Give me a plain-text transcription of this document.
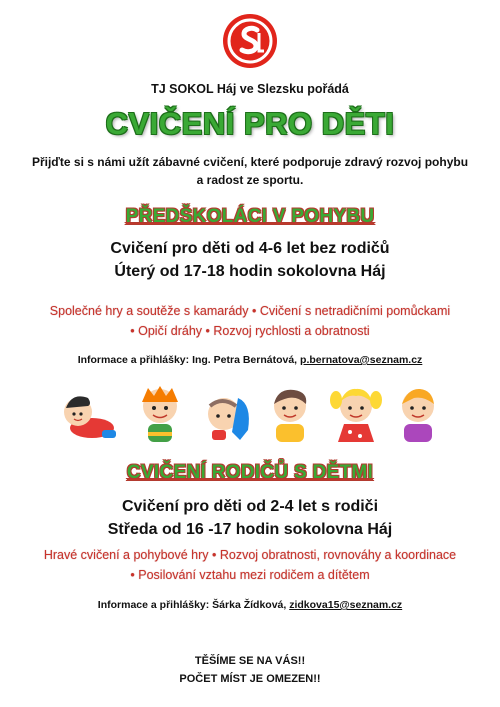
TJ SOKOL Háj ve Slezsku pořádá
CVIČENÍ PRO DĚTI
Přijďte si s námi užít zábavné cvičení, které podporuje zdravý rozvoj pohybu
a radost ze sportu.
PŘEDŠKOLÁCI V POHYBU
Cvičení pro děti od 4-6 let bez rodičů
Úterý od 17-18 hodin sokolovna Háj
Společné hry a soutěže s kamarády • Cvičení s netradičními pomůckami
• Opičí dráhy • Rozvoj rychlosti a obratnosti
Informace a přihlášky: Ing. Petra Bernátová, p.bernatova@seznam.cz
CVIČENÍ RODIČŮ S DĚTMI
Cvičení pro děti od 2-4 let s rodiči
Středa od 16 -17 hodin sokolovna Háj
Hravé cvičení a pohybové hry • Rozvoj obratnosti, rovnováhy a koordinace
• Posilování vztahu mezi rodičem a dítětem
Informace a přihlášky: Šárka Žídková, zidkova15@seznam.cz
TĚŠÍME SE NA VÁS!!
POČET MÍST JE OMEZEN!!
